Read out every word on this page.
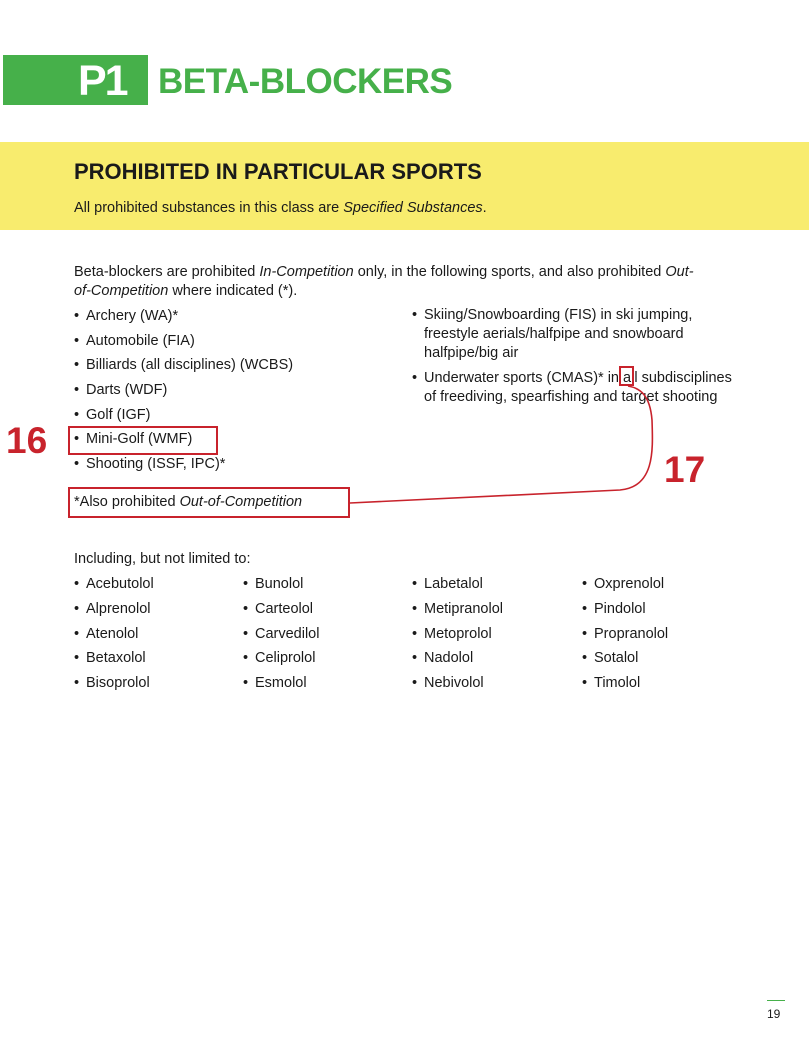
P1 BETA-BLOCKERS
PROHIBITED IN PARTICULAR SPORTS
All prohibited substances in this class are Specified Substances.
Beta-blockers are prohibited In-Competition only, in the following sports, and also prohibited Out-of-Competition where indicated (*).
• Archery (WA)*
• Automobile (FIA)
• Billiards (all disciplines) (WCBS)
• Darts (WDF)
• Golf (IGF)
• Mini-Golf (WMF)
• Shooting (ISSF, IPC)*
• Skiing/Snowboarding (FIS) in ski jumping, freestyle aerials/halfpipe and snowboard halfpipe/big air
• Underwater sports (CMAS)* in all subdisciplines of freediving, spearfishing and target shooting
*Also prohibited Out-of-Competition
Including, but not limited to:
• Acebutolol
• Alprenolol
• Atenolol
• Betaxolol
• Bisoprolol
• Bunolol
• Carteolol
• Carvedilol
• Celiprolol
• Esmolol
• Labetalol
• Metipranolol
• Metoprolol
• Nadolol
• Nebivolol
• Oxprenolol
• Pindolol
• Propranolol
• Sotalol
• Timolol
16
17
19
